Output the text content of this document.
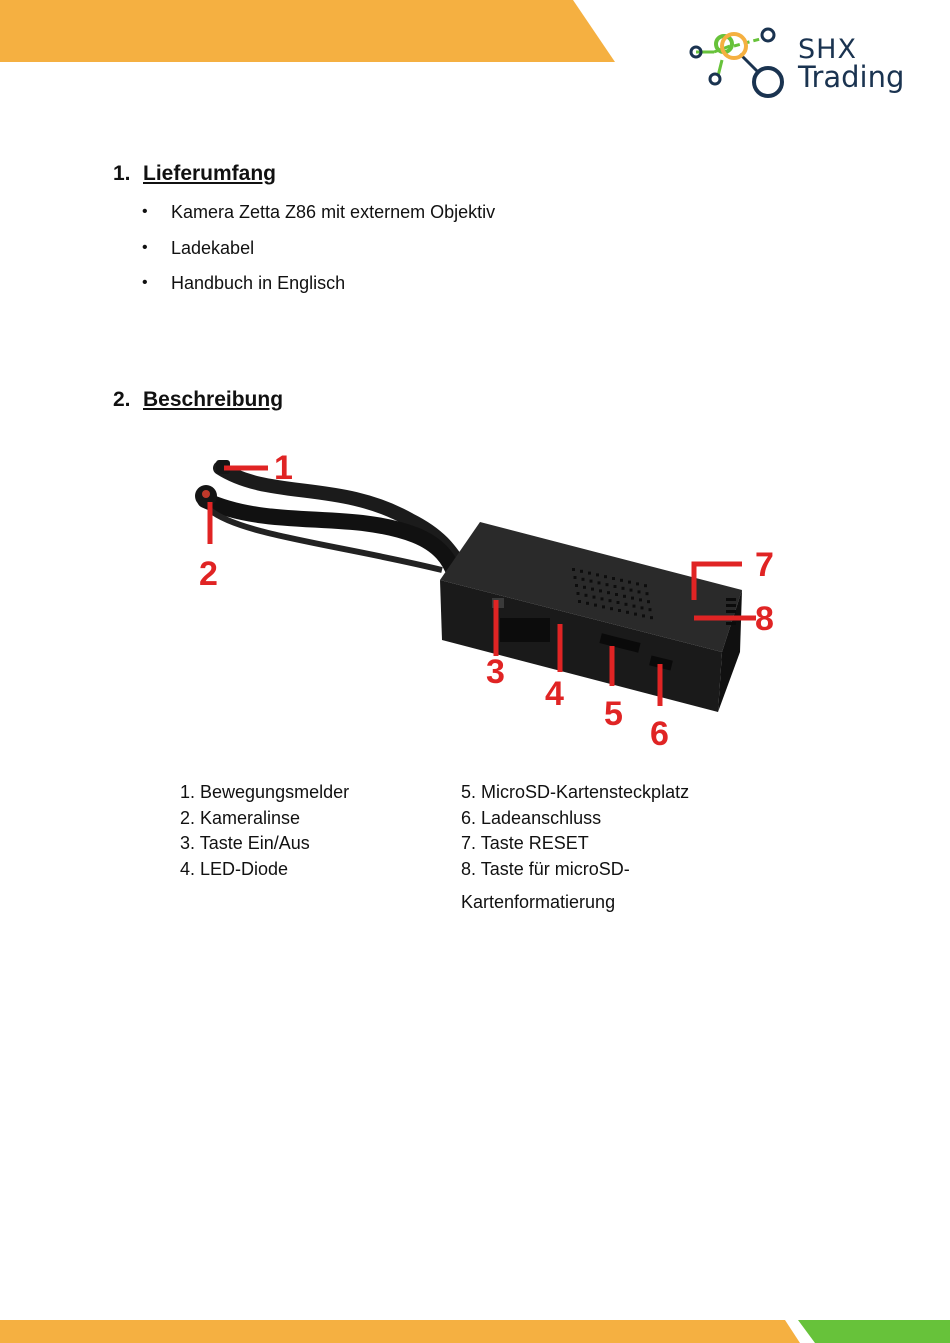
SHX
Trading
1. Lieferumfang
• Kamera Zetta Z86 mit externem Objektiv
• Ladekabel
• Handbuch in Englisch
2. Beschreibung
1
2
3
4
5
6
7
8
1. Bewegungsmelder
2. Kameralinse
3. Taste Ein/Aus
4. LED-Diode
5. MicroSD-Kartensteckplatz
6. Ladeanschluss
7. Taste RESET
8. Taste für microSD-
Kartenformatierung
